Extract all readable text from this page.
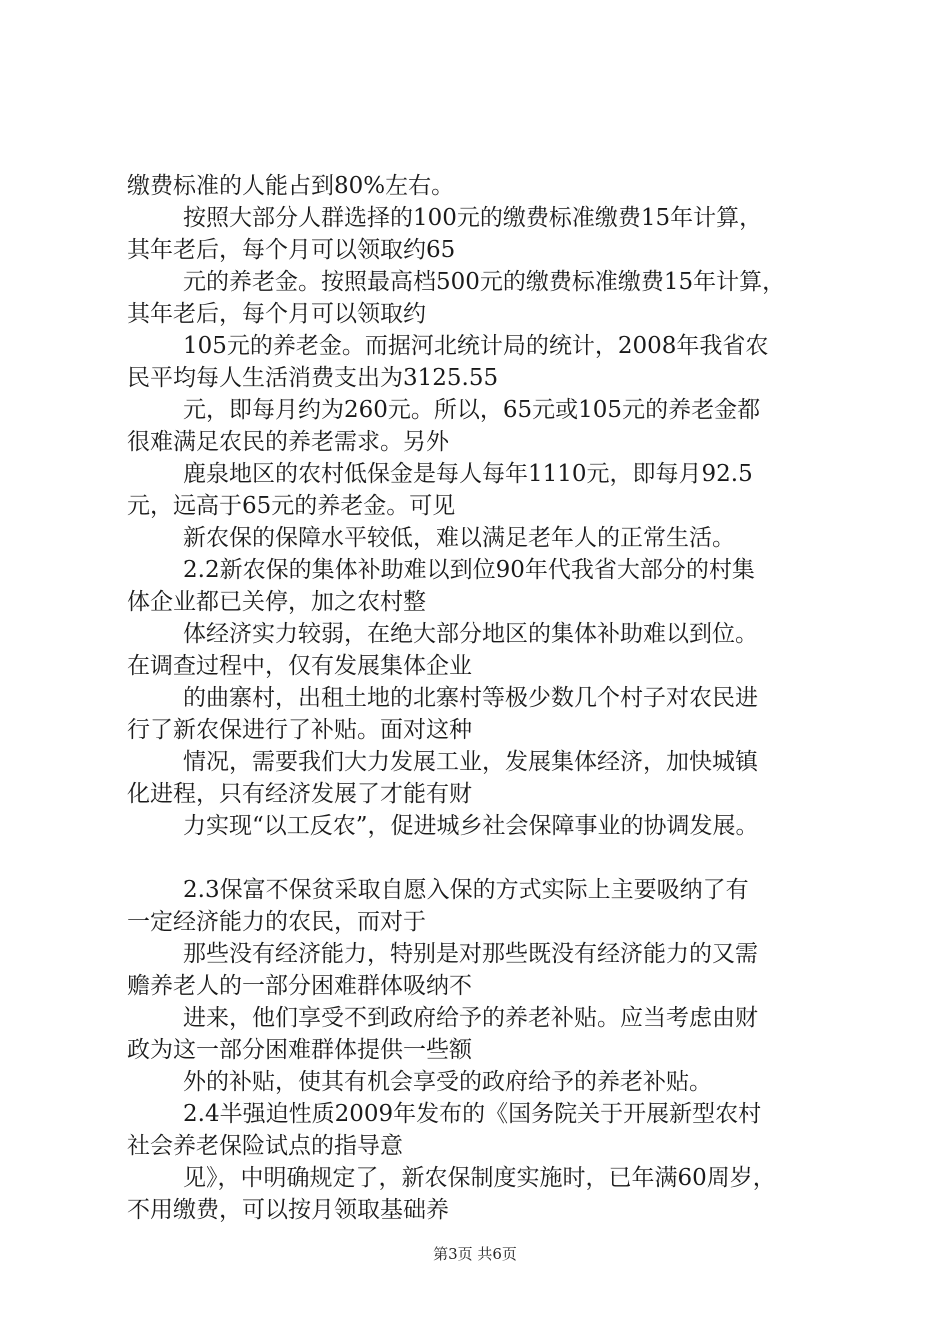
缴费标准的人能占到80%左右。

按照大部分人群选择的100元的缴费标准缴费15年计算，

其年老后，每个月可以领取约65

元的养老金。按照最高档500元的缴费标准缴费15年计算，

其年老后，每个月可以领取约

105元的养老金。而据河北统计局的统计，2008年我省农

民平均每人生活消费支出为3125.55

元，即每月约为260元。所以，65元或105元的养老金都

很难满足农民的养老需求。另外

鹿泉地区的农村低保金是每人每年1110元，即每月92.5

元，远高于65元的养老金。可见

新农保的保障水平较低，难以满足老年人的正常生活。

2.2新农保的集体补助难以到位90年代我省大部分的村集

体企业都已关停，加之农村整

体经济实力较弱，在绝大部分地区的集体补助难以到位。

在调查过程中，仅有发展集体企业

的曲寨村，出租土地的北寨村等极少数几个村子对农民进

行了新农保进行了补贴。面对这种

情况，需要我们大力发展工业，发展集体经济，加快城镇

化进程，只有经济发展了才能有财

力实现“以工反农”，促进城乡社会保障事业的协调发展。

2.3保富不保贫采取自愿入保的方式实际上主要吸纳了有

一定经济能力的农民，而对于

那些没有经济能力，特别是对那些既没有经济能力的又需

赡养老人的一部分困难群体吸纳不

进来，他们享受不到政府给予的养老补贴。应当考虑由财

政为这一部分困难群体提供一些额

外的补贴，使其有机会享受的政府给予的养老补贴。

2.4半强迫性质2009年发布的《国务院关于开展新型农村

社会养老保险试点的指导意

见》，中明确规定了，新农保制度实施时，已年满60周岁，

不用缴费，可以按月领取基础养

第3页 共6页
